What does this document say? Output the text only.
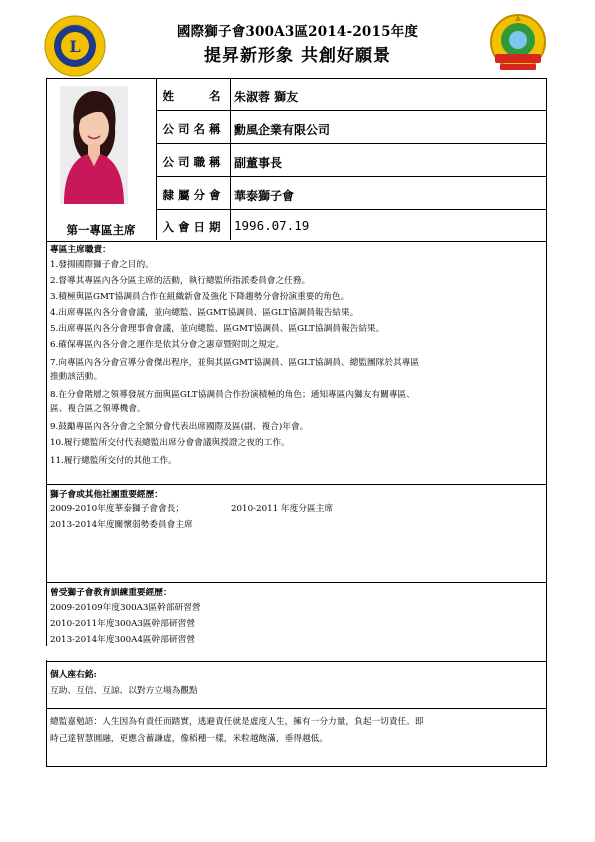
L
國際獅子會300A3區2014-2015年度
提昇新形象 共創好願景
第一專區主席
姓　　名 朱淑蓉 獅友
公司名稱 勳風企業有限公司
公司職稱 副董事長
隸屬分會 華泰獅子會
入會日期 1996.07.19
專區主席職責：
1.發揚國際獅子會之目的。
2.督導其專區內各分區主席的活動，執行總監所指派委員會之任務。
3.積極與區GMT協調員合作在組織新會及強化下降趨勢分會扮演重要的角色。
4.出席專區內各分會會議，並向總監、區GMT協調員、區GLT協調員報告結果。
5.出席專區內各分會理事會會議，並向總監、區GMT協調員、區GLT協調員報告結果。
6.確保專區內各分會之運作是依其分會之憲章暨附則之規定。
7.向專區內各分會宣導分會傑出程序，並與其區GMT協調員、區GLT協調員、總監團隊於其專區
推動該活動。
8.在分會階層之領導發展方面與區GLT協調員合作扮演積極的角色；通知專區內獅友有關專區、
區、複合區之領導機會。
9.鼓勵專區內各分會之全額分會代表出席國際及區(副、複合)年會。
10.履行總監所交付代表總監出席分會會議與授證之夜的工作。
11.履行總監所交付的其他工作。
獅子會或其他社團重要經歷：
2009-2010年度華泰獅子會會長；	2010-2011 年度分區主席
2013-2014年度關懷弱勢委員會主席
曾受獅子會教育訓練重要經歷：
2009-20109年度300A3區幹部研習營
2010-2011年度300A3區幹部研習營
2013-2014年度300A4區幹部研習營
個人座右銘:
互助、互信、互諒、以對方立場為觀點
總監嘉勉語：人生因為有責任而踏實，逃避責任就是虛度人生，擁有一分力量，負起一切責任。即
時己達智慧圓融，更應含蓄謙虛，像稻穗一樣，米粒越飽滿，垂得越低。
